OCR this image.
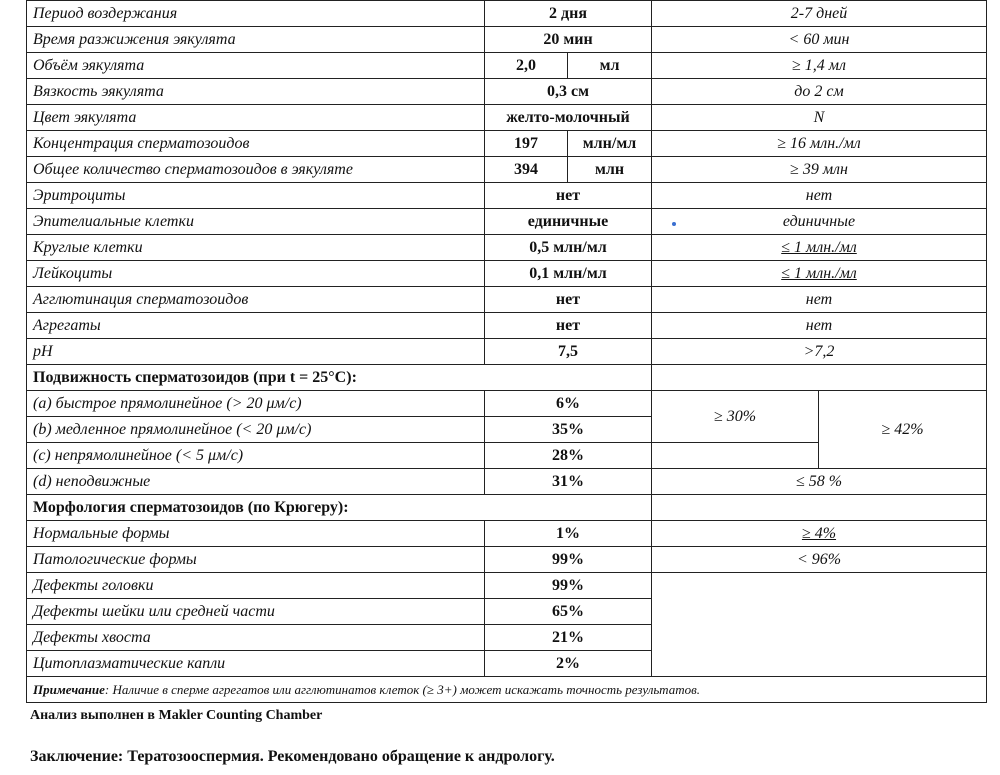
Период воздержания	2 дня		2-7 дней	
Время разжижения эякулята	20 мин		< 60 мин	
Объём эякулята	2,0	мл	≥ 1,4 мл	
Вязкость эякулята	0,3 см		до 2 см	
Цвет эякулята	желто-молочный		N	
Концентрация сперматозоидов	197	млн/мл	≥ 16 млн./мл	
Общее количество сперматозоидов в эякуляте	394	млн	≥ 39 млн	
Эритроциты	нет		нет	
Эпителиальные клетки	единичные		единичные	
Круглые клетки	0,5 млн/мл		≤ 1 млн./мл	
Лейкоциты	0,1 млн/мл		≤ 1 млн./мл	
Агглютинация сперматозоидов	нет		нет	
Агрегаты	нет		нет	
pH	7,5		>7,2	
Подвижность сперматозоидов (при t = 25°C):				
(a) быстрое прямолинейное (> 20 μм/с)	6%		≥ 30%	≥ 42%
(b) медленное прямолинейное (< 20 μм/с)	35%			
(c) непрямолинейное (< 5 μм/с)	28%			
(d) неподвижные	31%		≤ 58 %	
Морфология сперматозоидов (по Крюгеру):				
Нормальные формы	1%		≥ 4%	
Патологические формы	99%		< 96%	
Дефекты головки	99%			
Дефекты шейки или средней части	65%			
Дефекты хвоста	21%			
Цитоплазматические капли	2%			
Примечание: Наличие в сперме агрегатов или агглютинатов клеток (≥ 3+) может искажать точность результатов.				
Анализ выполнен в Makler Counting Chamber
Заключение: Тератозооспермия. Рекомендовано обращение к андрологу.
